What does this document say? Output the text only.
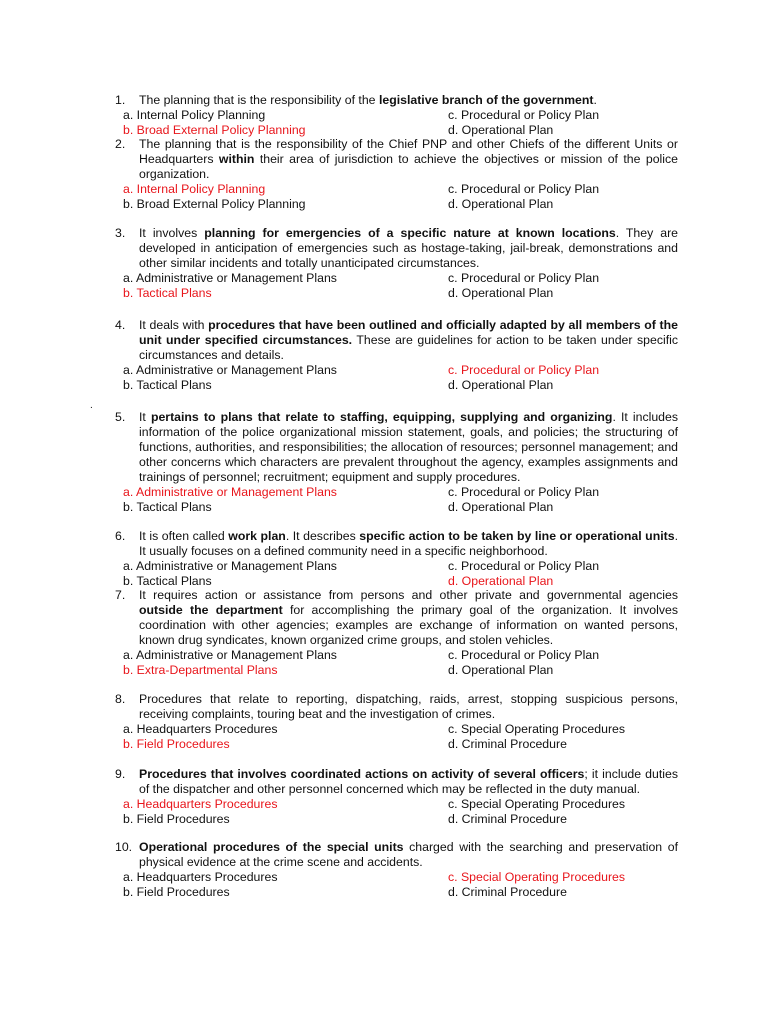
1.	The planning that is the responsibility of the legislative branch of the government.
a. Internal Policy Planning	c. Procedural or Policy Plan
b. Broad External Policy Planning	d. Operational Plan
2.	The planning that is the responsibility of the Chief PNP and other Chiefs of the different Units or Headquarters within their area of jurisdiction to achieve the objectives or mission of the police organization.
a. Internal Policy Planning	c. Procedural or Policy Plan
b. Broad External Policy Planning	d. Operational Plan
3.	It involves planning for emergencies of a specific nature at known locations. They are developed in anticipation of emergencies such as hostage-taking, jail-break, demonstrations and other similar incidents and totally unanticipated circumstances.
a. Administrative or Management Plans	c. Procedural or Policy Plan
b. Tactical Plans	d. Operational Plan
4.	It deals with procedures that have been outlined and officially adapted by all members of the unit under specified circumstances. These are guidelines for action to be taken under specific circumstances and details.
a. Administrative or Management Plans	c. Procedural or Policy Plan
b. Tactical Plans	d. Operational Plan
5.	It pertains to plans that relate to staffing, equipping, supplying and organizing. It includes information of the police organizational mission statement, goals, and policies; the structuring of functions, authorities, and responsibilities; the allocation of resources; personnel management; and other concerns which characters are prevalent throughout the agency, examples assignments and trainings of personnel; recruitment; equipment and supply procedures.
a. Administrative or Management Plans	c. Procedural or Policy Plan
b. Tactical Plans	d. Operational Plan
6.	It is often called work plan. It describes specific action to be taken by line or operational units. It usually focuses on a defined community need in a specific neighborhood.
a. Administrative or Management Plans	c. Procedural or Policy Plan
b. Tactical Plans	d. Operational Plan
7.	It requires action or assistance from persons and other private and governmental agencies outside the department for accomplishing the primary goal of the organization. It involves coordination with other agencies; examples are exchange of information on wanted persons, known drug syndicates, known organized crime groups, and stolen vehicles.
a. Administrative or Management Plans	c. Procedural or Policy Plan
b. Extra-Departmental Plans	d. Operational Plan
8.	Procedures that relate to reporting, dispatching, raids, arrest, stopping suspicious persons, receiving complaints, touring beat and the investigation of crimes.
a. Headquarters Procedures	c. Special Operating Procedures
b. Field Procedures	d. Criminal Procedure
9.	Procedures that involves coordinated actions on activity of several officers; it include duties of the dispatcher and other personnel concerned which may be reflected in the duty manual.
a. Headquarters Procedures	c. Special Operating Procedures
b. Field Procedures	d. Criminal Procedure
10. Operational procedures of the special units charged with the searching and preservation of physical evidence at the crime scene and accidents.
a. Headquarters Procedures	c. Special Operating Procedures
b. Field Procedures	d. Criminal Procedure
.
